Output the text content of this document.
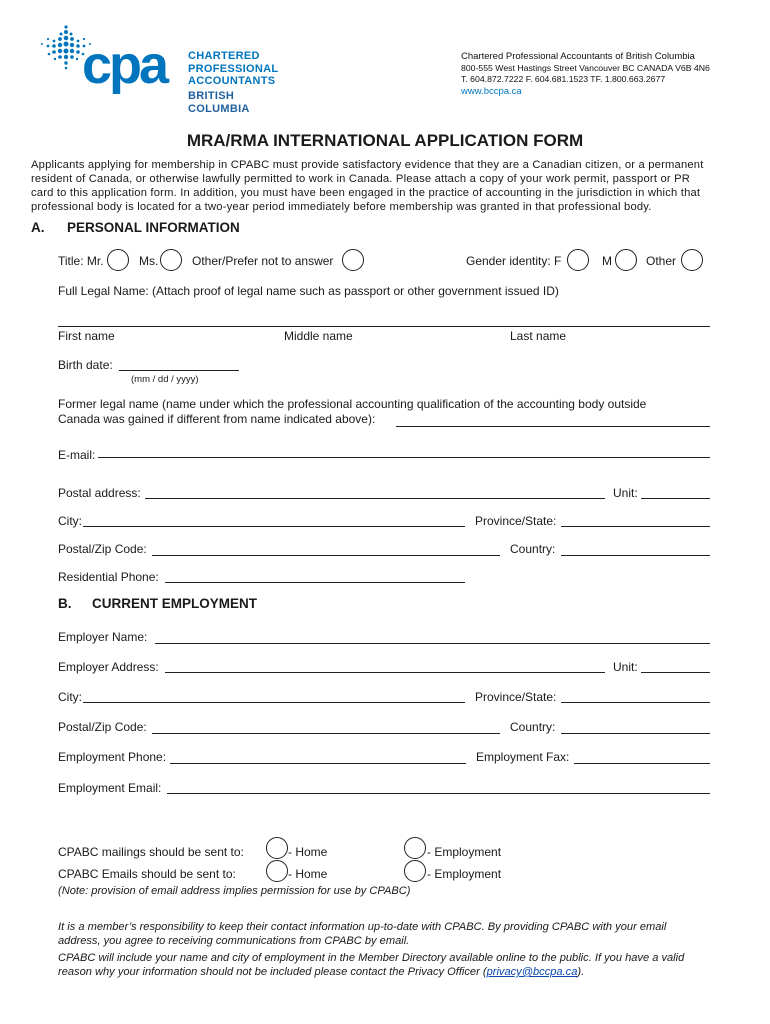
cpa CHARTERED
PROFESSIONAL
ACCOUNTANTS
BRITISH COLUMBIA
Chartered Professional Accountants of British Columbia
800-555 West Hastings Street Vancouver BC CANADA V6B 4N6
T. 604.872.7222 F. 604.681.1523 TF. 1.800.663.2677
www.bccpa.ca
MRA/RMA INTERNATIONAL APPLICATION FORM
Applicants applying for membership in CPABC must provide satisfactory evidence that they are a Canadian citizen, or a permanent
resident of Canada, or otherwise lawfully permitted to work in Canada. Please attach a copy of your work permit, passport or PR
card to this application form. In addition, you must have been engaged in the practice of accounting in the jurisdiction in which that
professional body is located for a two-year period immediately before membership was granted in that professional body.
A. PERSONAL INFORMATION
Title: Mr.	Ms.	Other/Prefer not to answer	Gender identity: F	M	Other
Full Legal Name: (Attach proof of legal name such as passport or other government issued ID)
First name	Middle name	Last name
Birth date:
(mm / dd / yyyy)
Former legal name (name under which the professional accounting qualification of the accounting body outside
Canada was gained if different from name indicated above):
E-mail:
Postal address:	Unit:
City:	Province/State:
Postal/Zip Code:	Country:
Residential Phone:
B. CURRENT EMPLOYMENT
Employer Name:
Employer Address:	Unit:
City:	Province/State:
Postal/Zip Code:	Country:
Employment Phone:	Employment Fax:
Employment Email:
CPABC mailings should be sent to:	- Home	- Employment
CPABC Emails should be sent to:	- Home	- Employment
(Note: provision of email address implies permission for use by CPABC)
It is a member’s responsibility to keep their contact information up-to-date with CPABC. By providing CPABC with your email
address, you agree to receiving communications from CPABC by email.
CPABC will include your name and city of employment in the Member Directory available online to the public. If you have a valid
reason why your information should not be included please contact the Privacy Officer (privacy@bccpa.ca).
